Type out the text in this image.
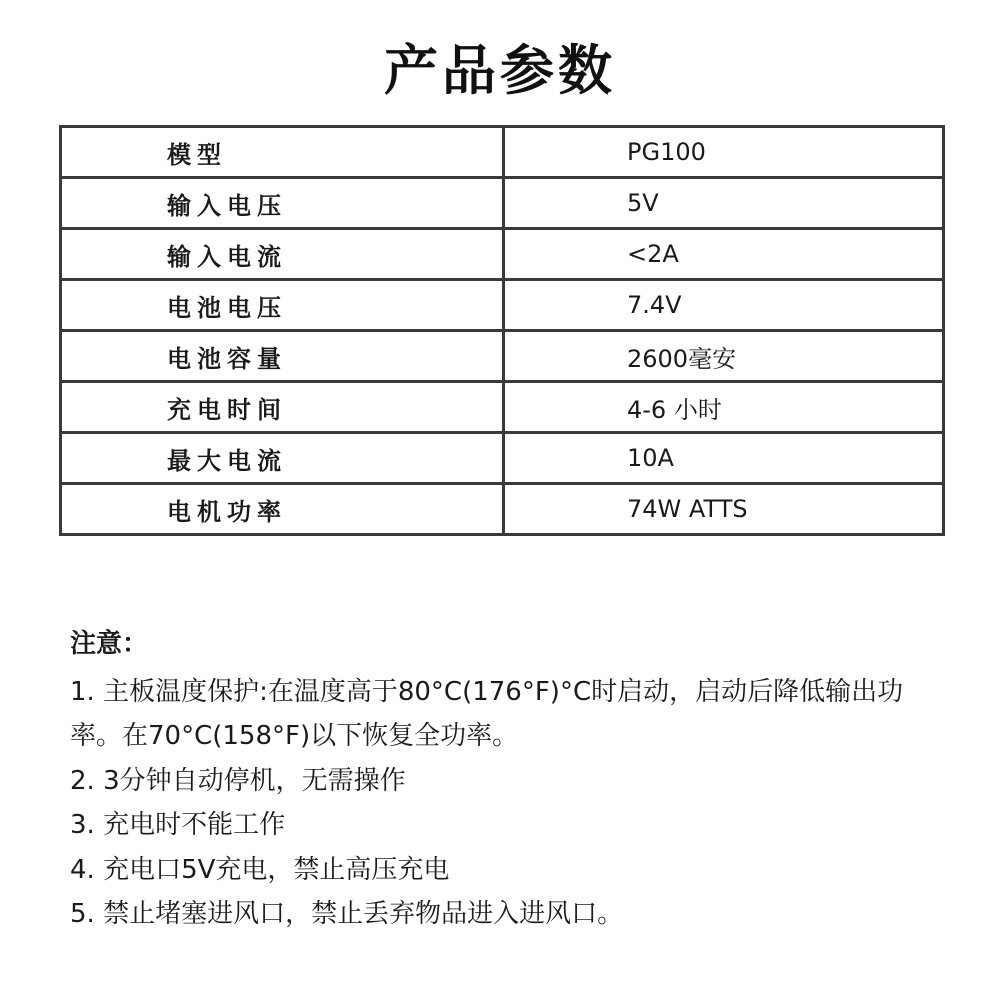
产品参数
模型	PG100
输入电压	5V
输入电流	<2A
电池电压	7.4V
电池容量	2600毫安
充电时间	4-6 小时
最大电流	10A
电机功率	74W ATTS
注意：

1. 主板温度保护:在温度高于80°C(176°F)°C时启动，启动后降低输出功率。在70°C(158°F)以下恢复全功率。

2. 3分钟自动停机，无需操作

3. 充电时不能工作

4. 充电口5V充电，禁止高压充电

5. 禁止堵塞进风口，禁止丢弃物品进入进风口。
